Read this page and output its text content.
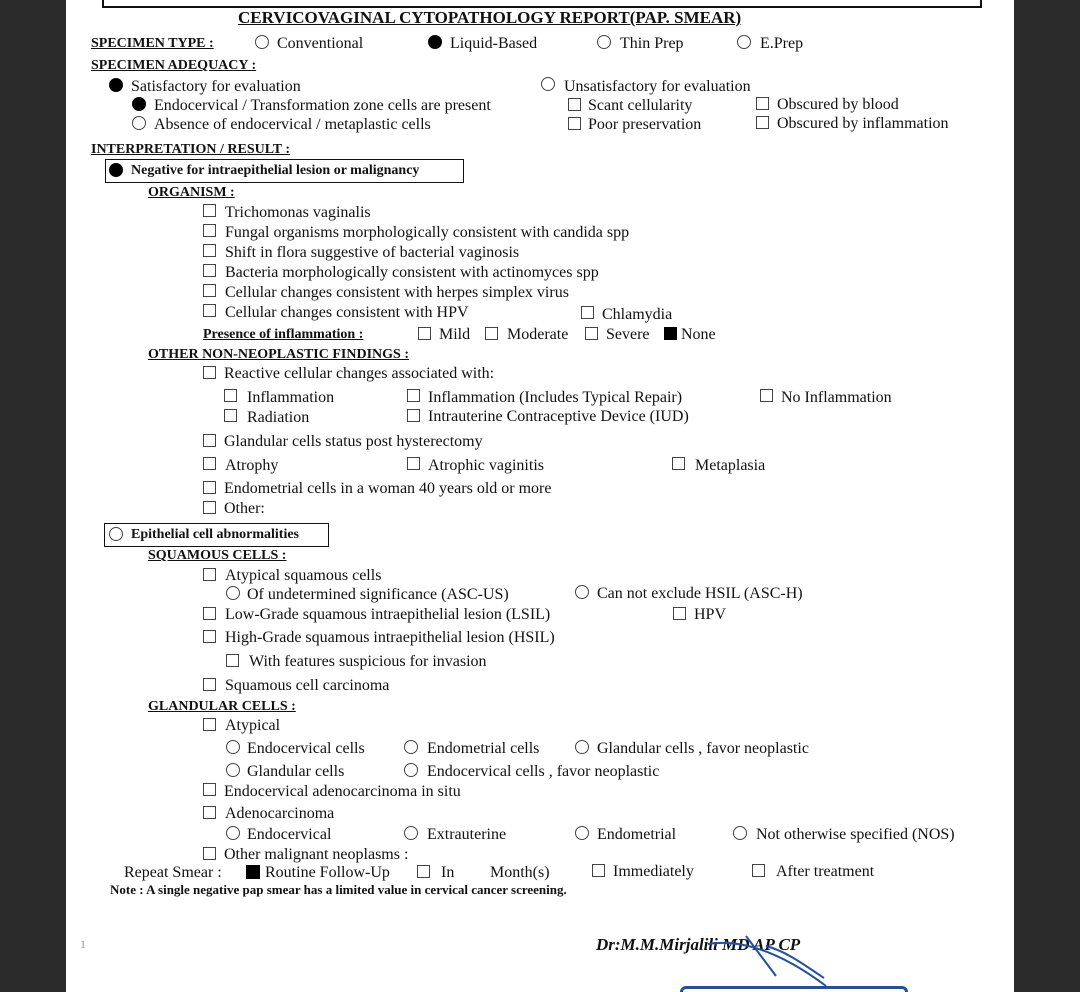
CERVICOVAGINAL CYTOPATHOLOGY REPORT(PAP. SMEAR)
SPECIMEN TYPE :	Conventional	Liquid-Based	Thin Prep	E.Prep
SPECIMEN ADEQUACY :
Satisfactory for evaluation	Unsatisfactory for evaluation
Endocervical / Transformation zone cells are present
Absence of endocervical / metaplastic cells
Scant cellularity
Poor preservation
Obscured by blood
Obscured by inflammation
INTERPRETATION / RESULT :
Negative for intraepithelial lesion or malignancy
ORGANISM :
Trichomonas vaginalis
Fungal organisms morphologically consistent with candida spp
Shift in flora suggestive of bacterial vaginosis
Bacteria morphologically consistent with actinomyces spp
Cellular changes consistent with herpes simplex virus
Cellular changes consistent with HPV	Chlamydia
Presence of inflammation :	Mild Moderate Severe None
OTHER NON-NEOPLASTIC FINDINGS :
Reactive cellular changes associated with:
Inflammation	Inflammation (Includes Typical Repair)	No Inflammation
Radiation	Intrauterine Contraceptive Device (IUD)
Glandular cells status post hysterectomy
Atrophy	Atrophic vaginitis	Metaplasia
Endometrial cells in a woman 40 years old or more
Other:
Epithelial cell abnormalities
SQUAMOUS CELLS :
Atypical squamous cells
Of undetermined significance (ASC-US)	Can not exclude HSIL (ASC-H)
Low-Grade squamous intraepithelial lesion (LSIL)	HPV
High-Grade squamous intraepithelial lesion (HSIL)
With features suspicious for invasion
Squamous cell carcinoma
GLANDULAR CELLS :
Atypical
Endocervical cells	Endometrial cells	Glandular cells , favor neoplastic
Glandular cells	Endocervical cells , favor neoplastic
Endocervical adenocarcinoma in situ
Adenocarcinoma
Endocervical	Extrauterine	Endometrial	Not otherwise specified (NOS)
Other malignant neoplasms :
Repeat Smear :	Routine Follow-Up	In Month(s)	Immediately	After treatment
Note : A single negative pap smear has a limited value in cervical cancer screening.
1	Dr:M.M.Mirjalili MD AP CP
